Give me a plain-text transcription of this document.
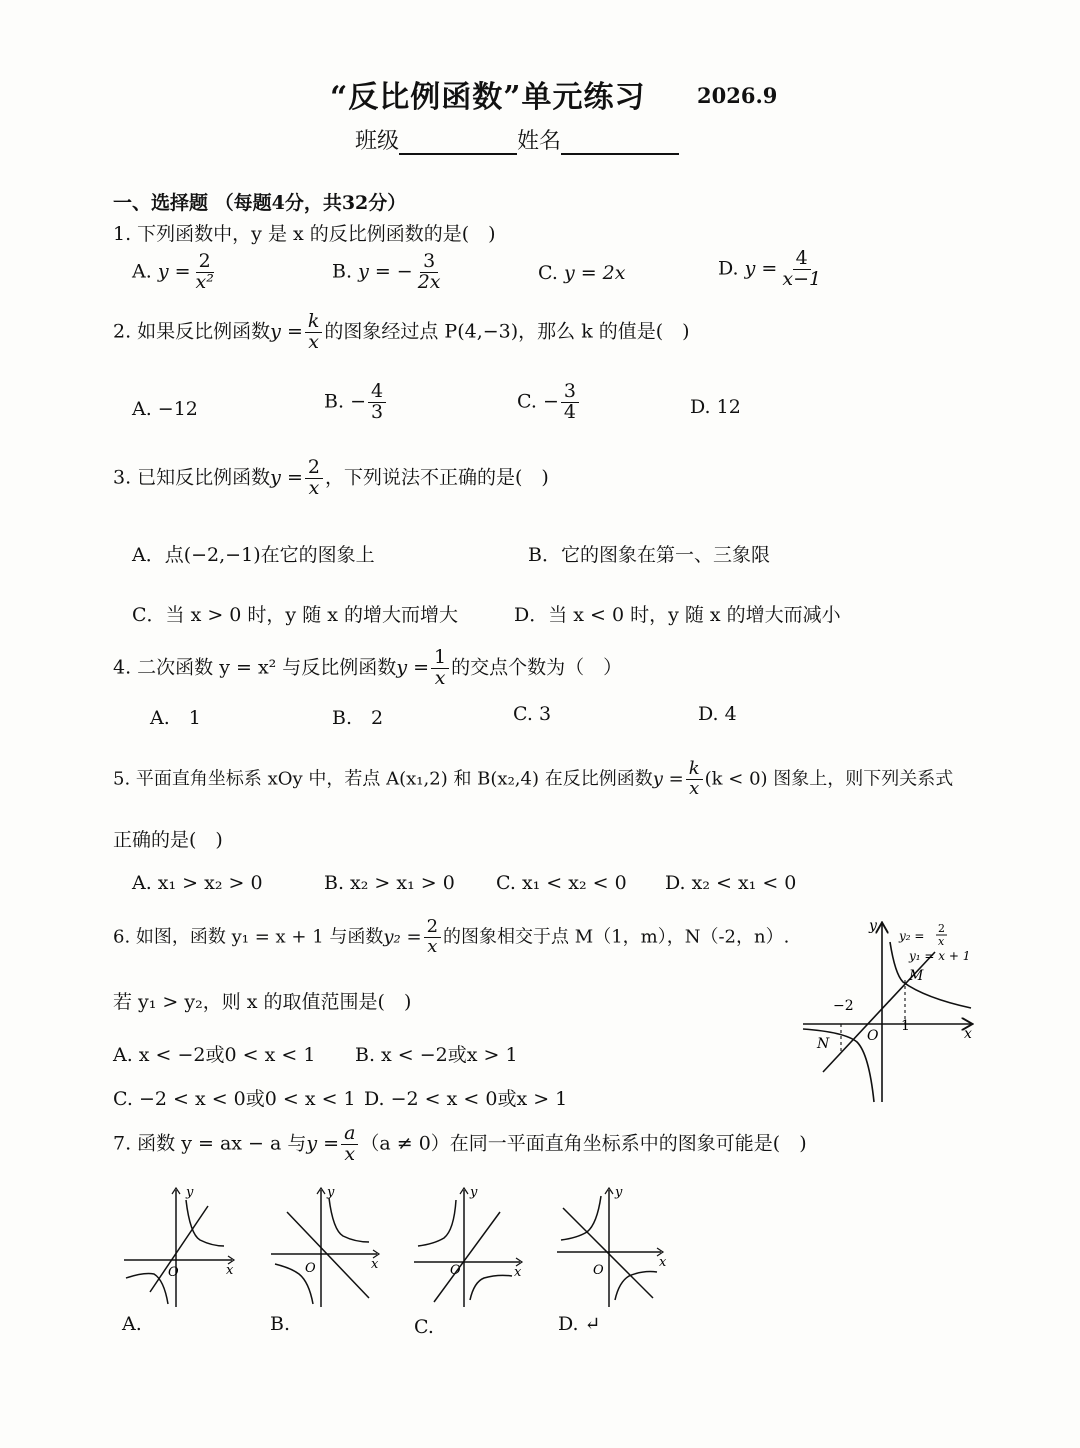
“反比例函数”单元练习 2026.9
班级	姓名
一、选择题 （每题4分，共32分）
1. 下列函数中，y 是 x 的反比例函数的是(　)
A. $y = \frac{2}{\text{x²}}$	B. y = − $\frac{3}{2x}$	C. y = 2x	D. $y = \frac{4}{x-1}$
2. 如果反比例函数$y = \frac{k}{x}$ 的图象经过点 P(4,−3)，那么 k 的值是(　)
A. −12	B. − $\frac{4}{3}$	C. − $\frac{3}{4}$	D. 12
3. 已知反比例函数$y = \frac{2}{x}$ ，下列说法不正确的是(　)
A．点(−2,−1)在它的图象上	B．它的图象在第一、三象限
C．当 x > 0 时，y 随 x 的增大而增大	D．当 x < 0 时，y 随 x 的增大而减小
4. 二次函数 y = x² 与反比例函数$y = \frac{1}{x}$ 的交点个数为（　）
A.　1	B.　2	C. 3	D. 4
5. 平面直角坐标系 xOy 中，若点 A(x₁,2) 和 B(x₂,4) 在反比例函数$y = \frac{k}{x} (k < 0)$ 图象上，则下列关系式
正确的是(　)
A. x₁ > x₂ > 0	B. x₂ > x₁ > 0 C. x₁ < x₂ < 0 D. x₂ < x₁ < 0
6. 如图，函数 y₁ = x + 1 与函数$y_2 = \frac{2}{x}$ 的图象相交于点 M（1，m），N（-2，n）.
若 y₁ > y₂，则 x 的取值范围是(　)
A. x < −2或0 < x < 1 B. x < −2或x > 1
C. −2 < x < 0或0 < x < 1 D. −2 < x < 0或x > 1
x
y
O
−2
1
M
N
y₂ =
2
x
y₁ = x + 1
7. 函数 y = ax − a 与$y = \frac{a}{x} (a \ne 0)$在同一平面直角坐标系中的图象可能是(　)
y
x
O
A.
y
x
O
B.
y
x
O
C.
y
x
O
D. ↵
